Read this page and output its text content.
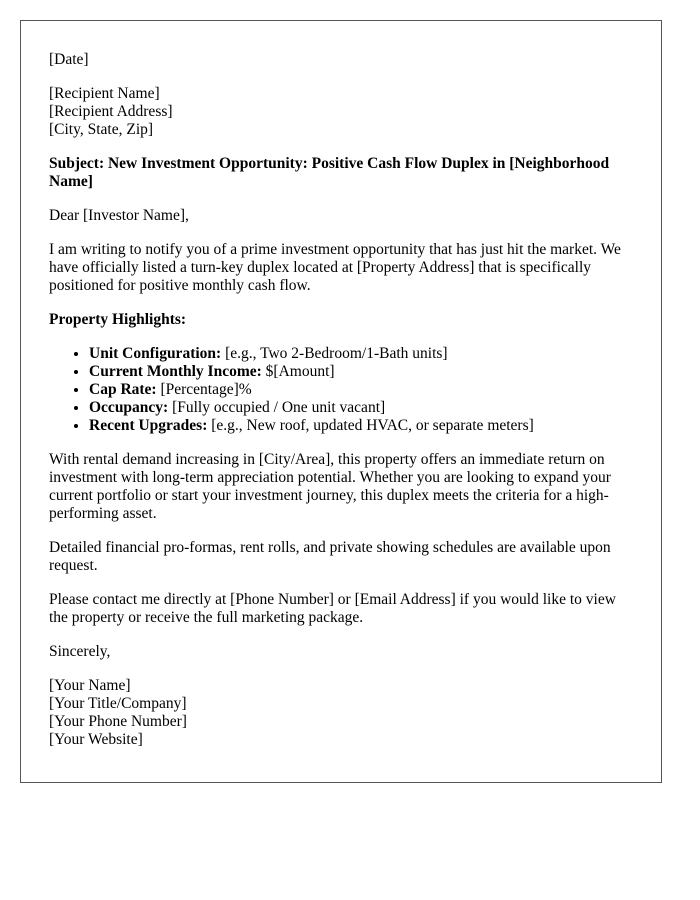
[Date]
[Recipient Name]
[Recipient Address]
[City, State, Zip]
Subject: New Investment Opportunity: Positive Cash Flow Duplex in [Neighborhood Name]

Dear [Investor Name],

I am writing to notify you of a prime investment opportunity that has just hit the market. We have officially listed a turn-key duplex located at [Property Address] that is specifically positioned for positive monthly cash flow.

Property Highlights:

• Unit Configuration: [e.g., Two 2-Bedroom/1-Bath units]
• Current Monthly Income: $[Amount]
• Cap Rate: [Percentage]%
• Occupancy: [Fully occupied / One unit vacant]
• Recent Upgrades: [e.g., New roof, updated HVAC, or separate meters]

With rental demand increasing in [City/Area], this property offers an immediate return on investment with long-term appreciation potential. Whether you are looking to expand your current portfolio or start your investment journey, this duplex meets the criteria for a high-performing asset.

Detailed financial pro-formas, rent rolls, and private showing schedules are available upon request.

Please contact me directly at [Phone Number] or [Email Address] if you would like to view the property or receive the full marketing package.

Sincerely,

[Your Name]
[Your Title/Company]
[Your Phone Number]
[Your Website]
